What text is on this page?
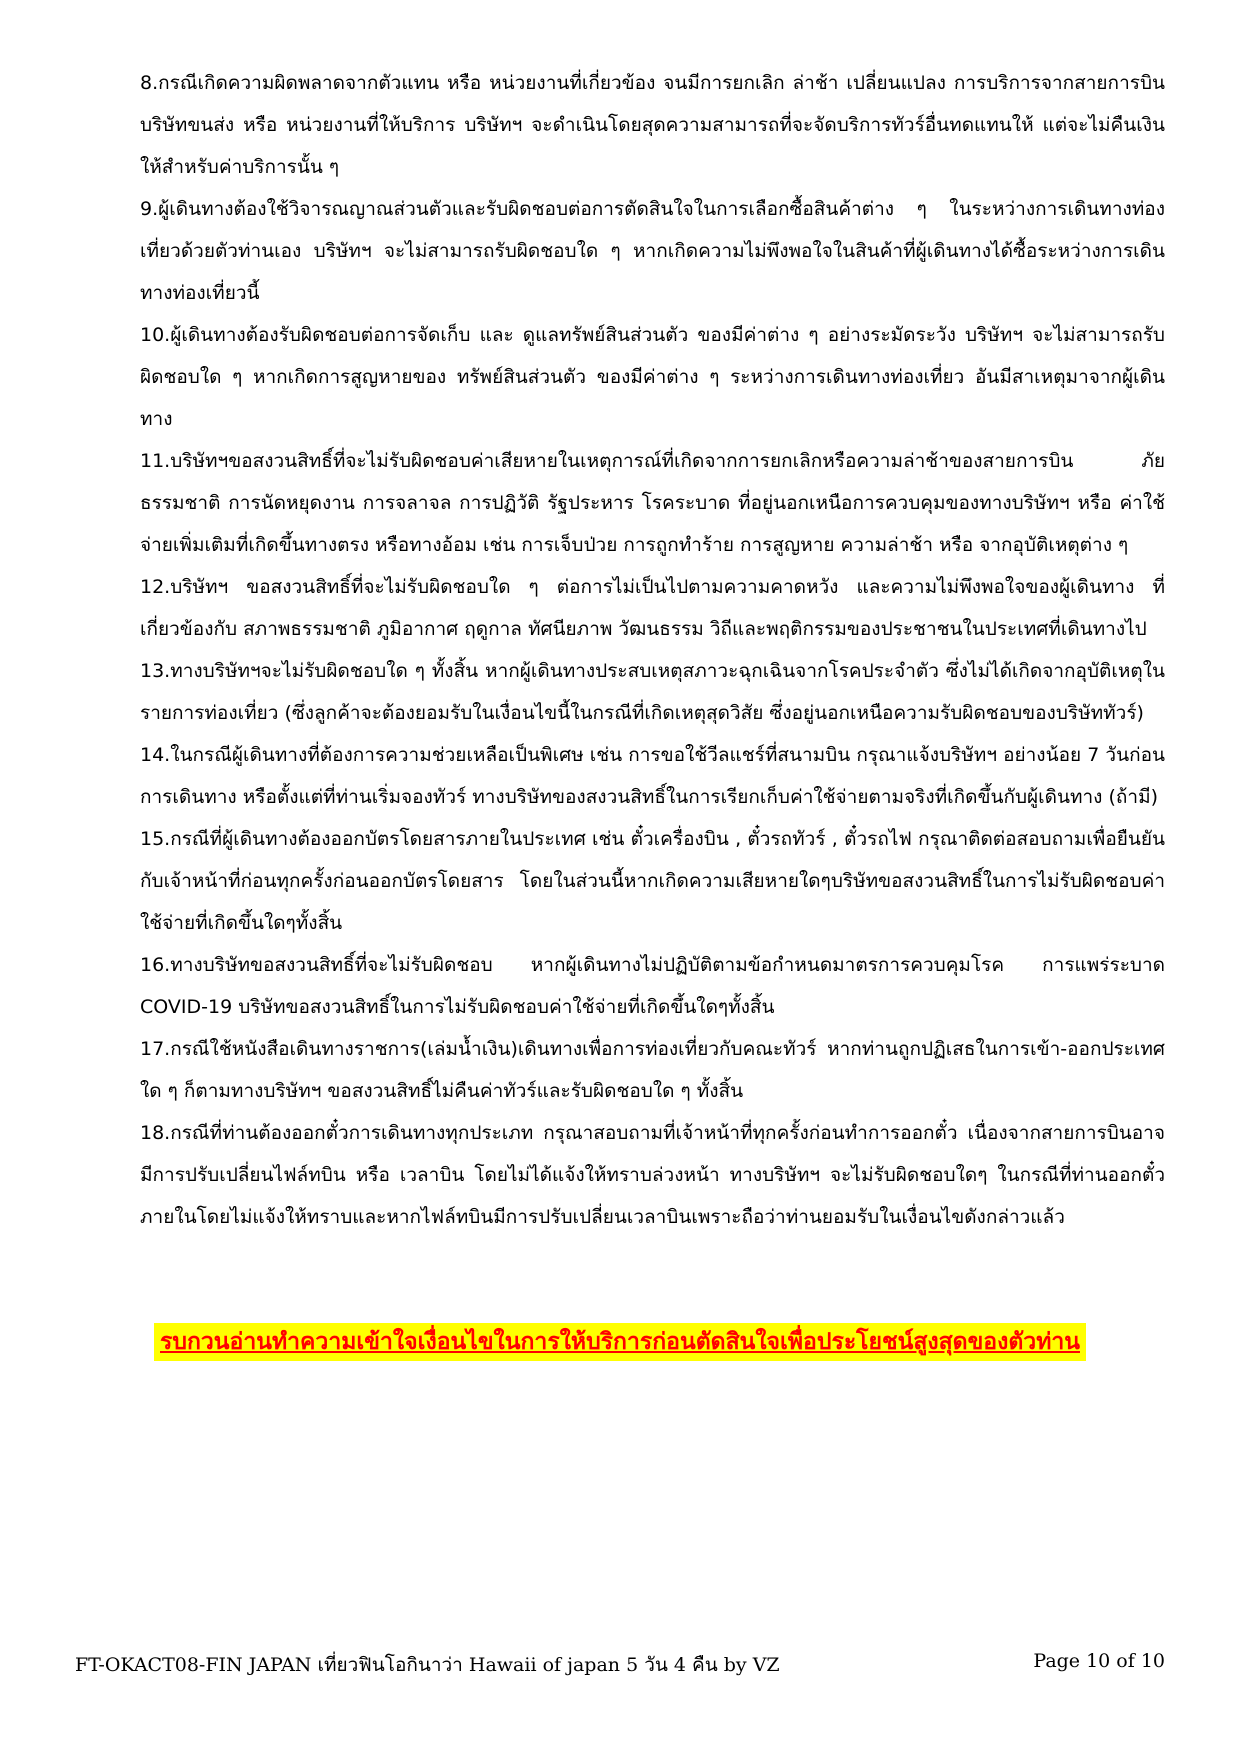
8.กรณีเกิดความผิดพลาดจากตัวแทน หรือ หน่วยงานที่เกี่ยวข้อง จนมีการยกเลิก ล่าช้า เปลี่ยนแปลง การบริการจากสายการบิน บริษัทขนส่ง หรือ หน่วยงานที่ให้บริการ บริษัทฯ จะดำเนินโดยสุดความสามารถที่จะจัดบริการทัวร์อื่นทดแทนให้ แต่จะไม่คืนเงินให้สำหรับค่าบริการนั้น ๆ

9.ผู้เดินทางต้องใช้วิจารณญาณส่วนตัวและรับผิดชอบต่อการตัดสินใจในการเลือกซื้อสินค้าต่าง ๆ ในระหว่างการเดินทางท่องเที่ยวด้วยตัวท่านเอง บริษัทฯ จะไม่สามารถรับผิดชอบใด ๆ หากเกิดความไม่พึงพอใจในสินค้าที่ผู้เดินทางได้ซื้อระหว่างการเดินทางท่องเที่ยวนี้

10.ผู้เดินทางต้องรับผิดชอบต่อการจัดเก็บ และ ดูแลทรัพย์สินส่วนตัว ของมีค่าต่าง ๆ อย่างระมัดระวัง บริษัทฯ จะไม่สามารถรับผิดชอบใด ๆ หากเกิดการสูญหายของ ทรัพย์สินส่วนตัว ของมีค่าต่าง ๆ ระหว่างการเดินทางท่องเที่ยว อันมีสาเหตุมาจากผู้เดินทาง

11.บริษัทฯขอสงวนสิทธิ์ที่จะไม่รับผิดชอบค่าเสียหายในเหตุการณ์ที่เกิดจากการยกเลิกหรือความล่าช้าของสายการบิน ภัยธรรมชาติ การนัดหยุดงาน การจลาจล การปฏิวัติ รัฐประหาร โรคระบาด ที่อยู่นอกเหนือการควบคุมของทางบริษัทฯ หรือ ค่าใช้จ่ายเพิ่มเติมที่เกิดขึ้นทางตรง หรือทางอ้อม เช่น การเจ็บป่วย การถูกทำร้าย การสูญหาย ความล่าช้า หรือ จากอุบัติเหตุต่าง ๆ

12.บริษัทฯ ขอสงวนสิทธิ์ที่จะไม่รับผิดชอบใด ๆ ต่อการไม่เป็นไปตามความคาดหวัง และความไม่พึงพอใจของผู้เดินทาง ที่เกี่ยวข้องกับ สภาพธรรมชาติ ภูมิอากาศ ฤดูกาล ทัศนียภาพ วัฒนธรรม วิถีและพฤติกรรมของประชาชนในประเทศที่เดินทางไป

13.ทางบริษัทฯจะไม่รับผิดชอบใด ๆ ทั้งสิ้น หากผู้เดินทางประสบเหตุสภาวะฉุกเฉินจากโรคประจำตัว ซึ่งไม่ได้เกิดจากอุบัติเหตุในรายการท่องเที่ยว (ซึ่งลูกค้าจะต้องยอมรับในเงื่อนไขนี้ในกรณีที่เกิดเหตุสุดวิสัย ซึ่งอยู่นอกเหนือความรับผิดชอบของบริษัททัวร์)

14.ในกรณีผู้เดินทางที่ต้องการความช่วยเหลือเป็นพิเศษ เช่น การขอใช้วีลแชร์ที่สนามบิน กรุณาแจ้งบริษัทฯ อย่างน้อย 7 วันก่อนการเดินทาง หรือตั้งแต่ที่ท่านเริ่มจองทัวร์ ทางบริษัทของสงวนสิทธิ์ในการเรียกเก็บค่าใช้จ่ายตามจริงที่เกิดขึ้นกับผู้เดินทาง (ถ้ามี)

15.กรณีที่ผู้เดินทางต้องออกบัตรโดยสารภายในประเทศ เช่น ตั๋วเครื่องบิน , ตั๋วรถทัวร์ , ตั๋วรถไฟ กรุณาติดต่อสอบถามเพื่อยืนยันกับเจ้าหน้าที่ก่อนทุกครั้งก่อนออกบัตรโดยสาร โดยในส่วนนี้หากเกิดความเสียหายใดๆบริษัทขอสงวนสิทธิ์ในการไม่รับผิดชอบค่าใช้จ่ายที่เกิดขึ้นใดๆทั้งสิ้น

16.ทางบริษัทขอสงวนสิทธิ์ที่จะไม่รับผิดชอบ หากผู้เดินทางไม่ปฏิบัติตามข้อกำหนดมาตรการควบคุมโรค การแพร่ระบาด COVID-19 บริษัทขอสงวนสิทธิ์ในการไม่รับผิดชอบค่าใช้จ่ายที่เกิดขึ้นใดๆทั้งสิ้น

17.กรณีใช้หนังสือเดินทางราชการ(เล่มน้ำเงิน)เดินทางเพื่อการท่องเที่ยวกับคณะทัวร์ หากท่านถูกปฏิเสธในการเข้า-ออกประเทศใด ๆ ก็ตามทางบริษัทฯ ขอสงวนสิทธิ์ไม่คืนค่าทัวร์และรับผิดชอบใด ๆ ทั้งสิ้น

18.กรณีที่ท่านต้องออกตั๋วการเดินทางทุกประเภท กรุณาสอบถามที่เจ้าหน้าที่ทุกครั้งก่อนทำการออกตั๋ว เนื่องจากสายการบินอาจมีการปรับเปลี่ยนไฟล์ทบิน หรือ เวลาบิน โดยไม่ได้แจ้งให้ทราบล่วงหน้า ทางบริษัทฯ จะไม่รับผิดชอบใดๆ ในกรณีที่ท่านออกตั๋วภายในโดยไม่แจ้งให้ทราบและหากไฟล์ทบินมีการปรับเปลี่ยนเวลาบินเพราะถือว่าท่านยอมรับในเงื่อนไขดังกล่าวแล้ว

รบกวนอ่านทำความเข้าใจเงื่อนไขในการให้บริการก่อนตัดสินใจเพื่อประโยชน์สูงสุดของตัวท่าน
FT-OKACT08-FIN JAPAN เที่ยวฟินโอกินาว่า Hawaii of japan 5 วัน 4 คืน by VZ	Page 10 of 10
